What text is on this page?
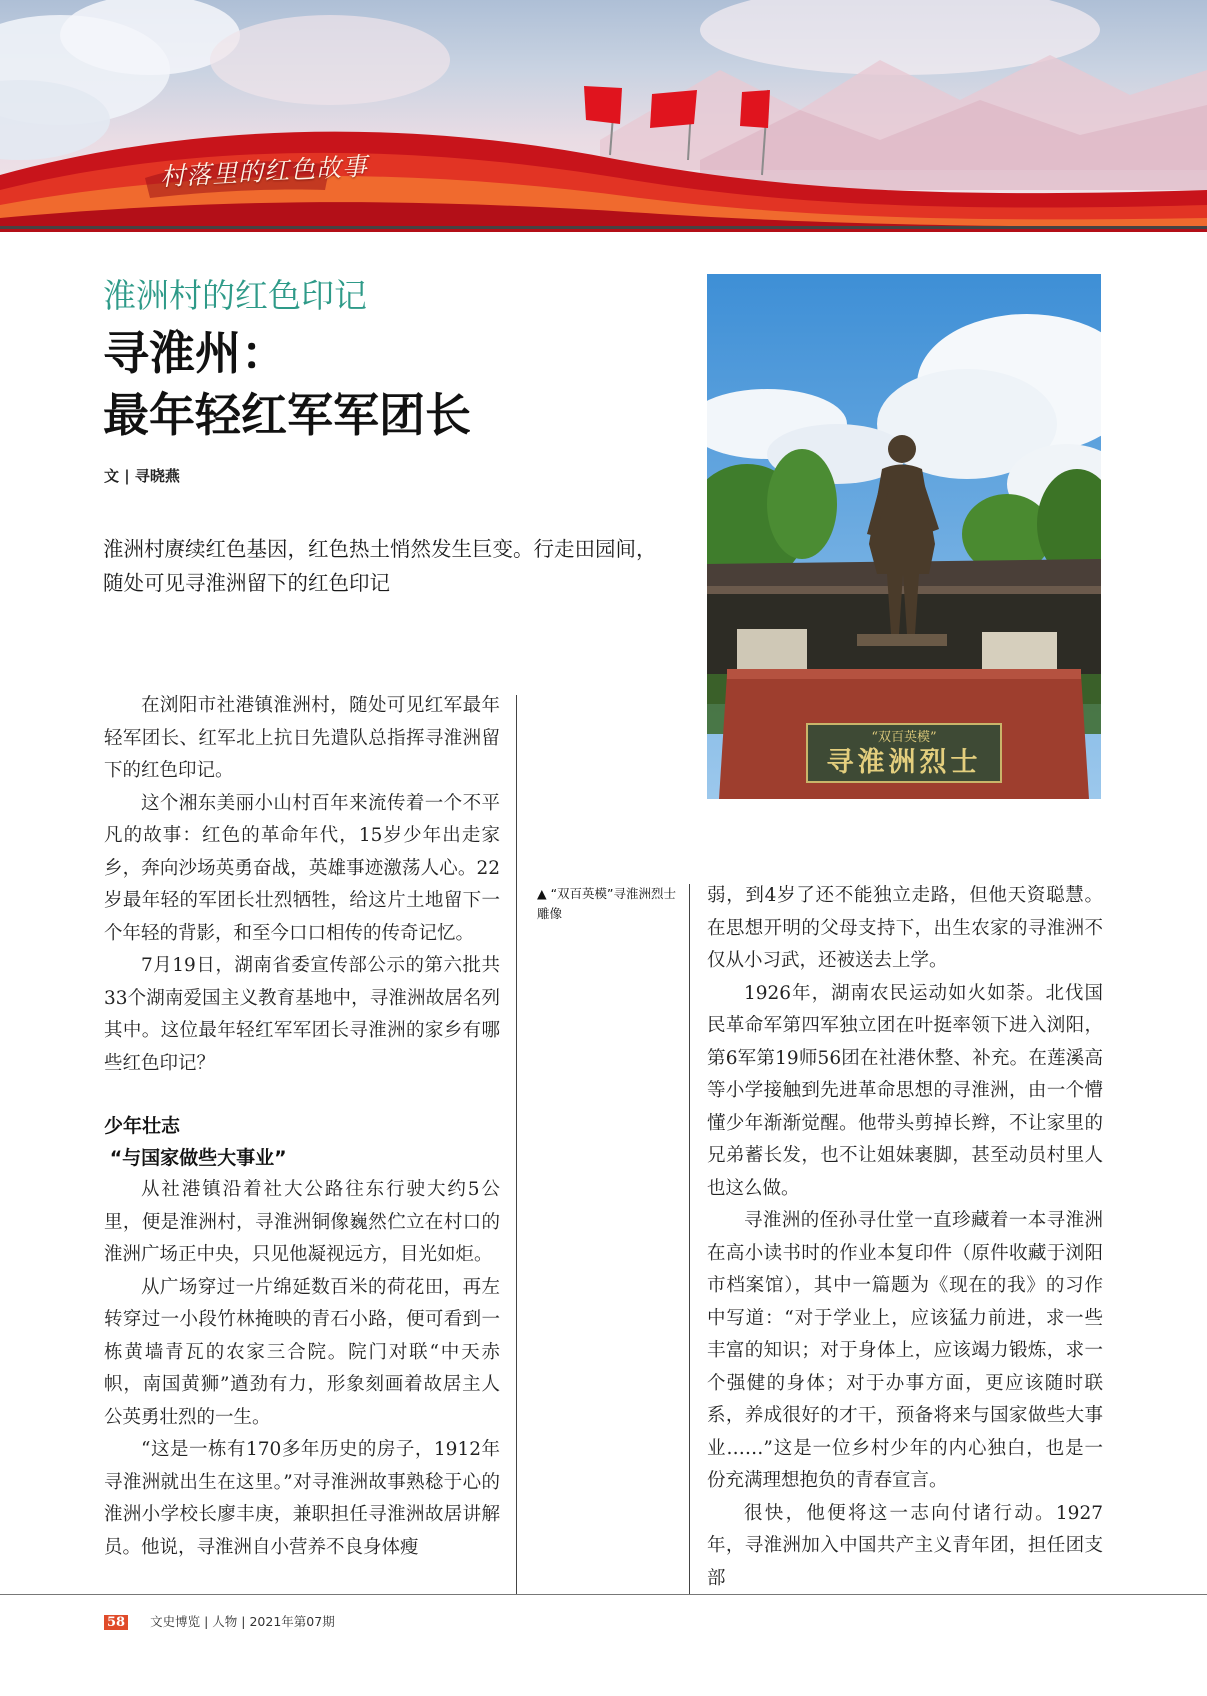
村落里的红色故事
淮洲村的红色印记
寻淮州：
最年轻红军军团长
文 | 寻晓燕
淮洲村赓续红色基因，红色热土悄然发生巨变。行走田园间，随处可见寻淮洲留下的红色印记
“双百英模”
寻淮洲烈士
▲ “双百英模”寻淮洲烈士雕像

在浏阳市社港镇淮洲村，随处可见红军最年轻军团长、红军北上抗日先遣队总指挥寻淮洲留下的红色印记。

这个湘东美丽小山村百年来流传着一个不平凡的故事：红色的革命年代，15岁少年出走家乡，奔向沙场英勇奋战，英雄事迹激荡人心。22岁最年轻的军团长壮烈牺牲，给这片土地留下一个年轻的背影，和至今口口相传的传奇记忆。

7月19日，湖南省委宣传部公示的第六批共33个湖南爱国主义教育基地中，寻淮洲故居名列其中。这位最年轻红军军团长寻淮洲的家乡有哪些红色印记？

少年壮志
“与国家做些大事业”

从社港镇沿着社大公路往东行驶大约5公里，便是淮洲村，寻淮洲铜像巍然伫立在村口的淮洲广场正中央，只见他凝视远方，目光如炬。

从广场穿过一片绵延数百米的荷花田，再左转穿过一小段竹林掩映的青石小路，便可看到一栋黄墙青瓦的农家三合院。院门对联“中天赤帜，南国黄狮”遒劲有力，形象刻画着故居主人公英勇壮烈的一生。

“这是一栋有170多年历史的房子，1912年寻淮洲就出生在这里。”对寻淮洲故事熟稔于心的淮洲小学校长廖丰庚，兼职担任寻淮洲故居讲解员。他说，寻淮洲自小营养不良身体瘦

弱，到4岁了还不能独立走路，但他天资聪慧。在思想开明的父母支持下，出生农家的寻淮洲不仅从小习武，还被送去上学。

1926年，湖南农民运动如火如荼。北伐国民革命军第四军独立团在叶挺率领下进入浏阳，第6军第19师56团在社港休整、补充。在莲溪高等小学接触到先进革命思想的寻淮洲，由一个懵懂少年渐渐觉醒。他带头剪掉长辫，不让家里的兄弟蓄长发，也不让姐妹裹脚，甚至动员村里人也这么做。

寻淮洲的侄孙寻仕堂一直珍藏着一本寻淮洲在高小读书时的作业本复印件（原件收藏于浏阳市档案馆），其中一篇题为《现在的我》的习作中写道：“对于学业上，应该猛力前进，求一些丰富的知识；对于身体上，应该竭力锻炼，求一个强健的身体；对于办事方面，更应该随时联系，养成很好的才干，预备将来与国家做些大事业……”这是一位乡村少年的内心独白，也是一份充满理想抱负的青春宣言。

很快，他便将这一志向付诸行动。1927年，寻淮洲加入中国共产主义青年团，担任团支部

58 文史博览 | 人物 | 2021年第07期
